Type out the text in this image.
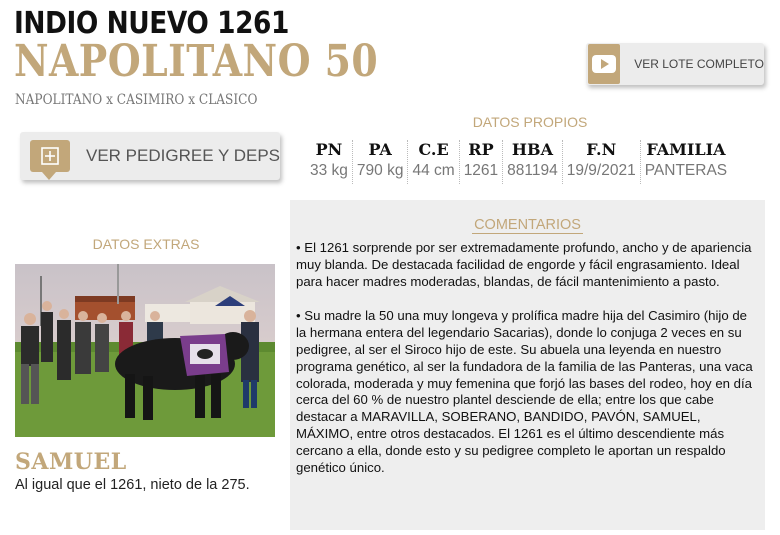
INDIO NUEVO 1261
NAPOLITANO 50
NAPOLITANO x CASIMIRO x CLASICO
VER LOTE COMPLETO
VER PEDIGREE Y DEPS
DATOS PROPIOS
PN
33 kg
PA
790 kg
C.E
44 cm
RP
1261
HBA
881194
F.N
19/9/2021
FAMILIA
PANTERAS
DATOS EXTRAS
SAMUEL
Al igual que el 1261, nieto de la 275.
COMENTARIOS

• El 1261 sorprende por ser extremadamente profundo, ancho y de apariencia muy blanda. De destacada facilidad de engorde y fácil engrasamiento. Ideal para hacer madres moderadas, blandas, de fácil mantenimiento a pasto.

• Su madre la 50 una muy longeva y prolífica madre hija del Casimiro (hijo de la hermana entera del legendario Sacarias), donde lo conjuga 2 veces en su pedigree, al ser el Siroco hijo de este. Su abuela una leyenda en nuestro programa genético, al ser la fundadora de la familia de las Panteras, una vaca colorada, moderada y muy femenina que forjó las bases del rodeo, hoy en día cerca del 60 % de nuestro plantel desciende de ella; entre los que cabe destacar a MARAVILLA, SOBERANO, BANDIDO, PAVÓN, SAMUEL, MÁXIMO, entre otros destacados. El 1261 es el último descendiente más cercano a ella, donde esto y su pedigree completo le aportan un respaldo genético único.
